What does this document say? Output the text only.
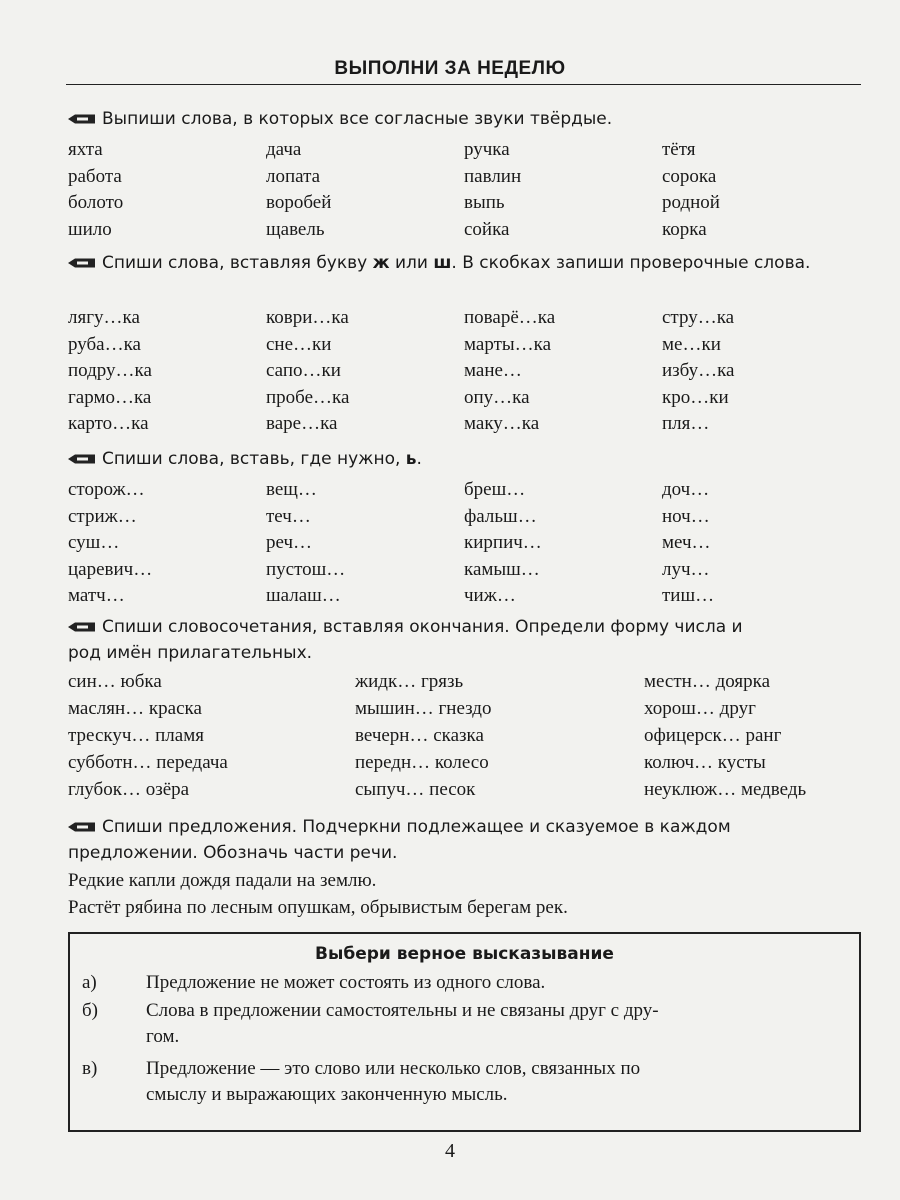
ВЫПОЛНИ ЗА НЕДЕЛЮ
Выпиши слова, в которых все согласные звуки твёрдые.
яхта	дача	ручка	тётя
работа	лопата	павлин	сорока
болото	воробей	выпь	родной
шило	щавель	сойка	корка
Спиши слова, вставляя букву ж или ш. В скобках запиши проверочные слова.
лягу…ка	коври…ка	поварё…ка	стру…ка
руба…ка	сне…ки	марты…ка	ме…ки
подру…ка	сапо…ки	мане…	избу…ка
гармо…ка	пробе…ка	опу…ка	кро…ки
карто…ка	варе…ка	маку…ка	пля…
Спиши слова, вставь, где нужно, ь.
сторож…	вещ…	бреш…	доч…
стриж…	теч…	фальш…	ноч…
суш…	реч…	кирпич…	меч…
царевич…	пустош…	камыш…	луч…
матч…	шалаш…	чиж…	тиш…
Спиши словосочетания, вставляя окончания. Определи форму числа и
род имён прилагательных.
син… юбка	жидк… грязь	местн… доярка
маслян… краска	мышин… гнездо	хорош… друг
трескуч… пламя	вечерн… сказка	офицерск… ранг
субботн… передача	передн… колесо	колюч… кусты
глубок… озёра	сыпуч… песок	неуклюж… медведь
Спиши предложения. Подчеркни подлежащее и сказуемое в каждом
предложении. Обозначь части речи.
Редкие капли дождя падали на землю.
Растёт рябина по лесным опушкам, обрывистым берегам рек.
Выбери верное высказывание
а)	Предложение не может состоять из одного слова.
б)	Слова в предложении самостоятельны и не связаны друг с дру-
гом.
в)	Предложение — это слово или несколько слов, связанных по
смыслу и выражающих законченную мысль.
4
